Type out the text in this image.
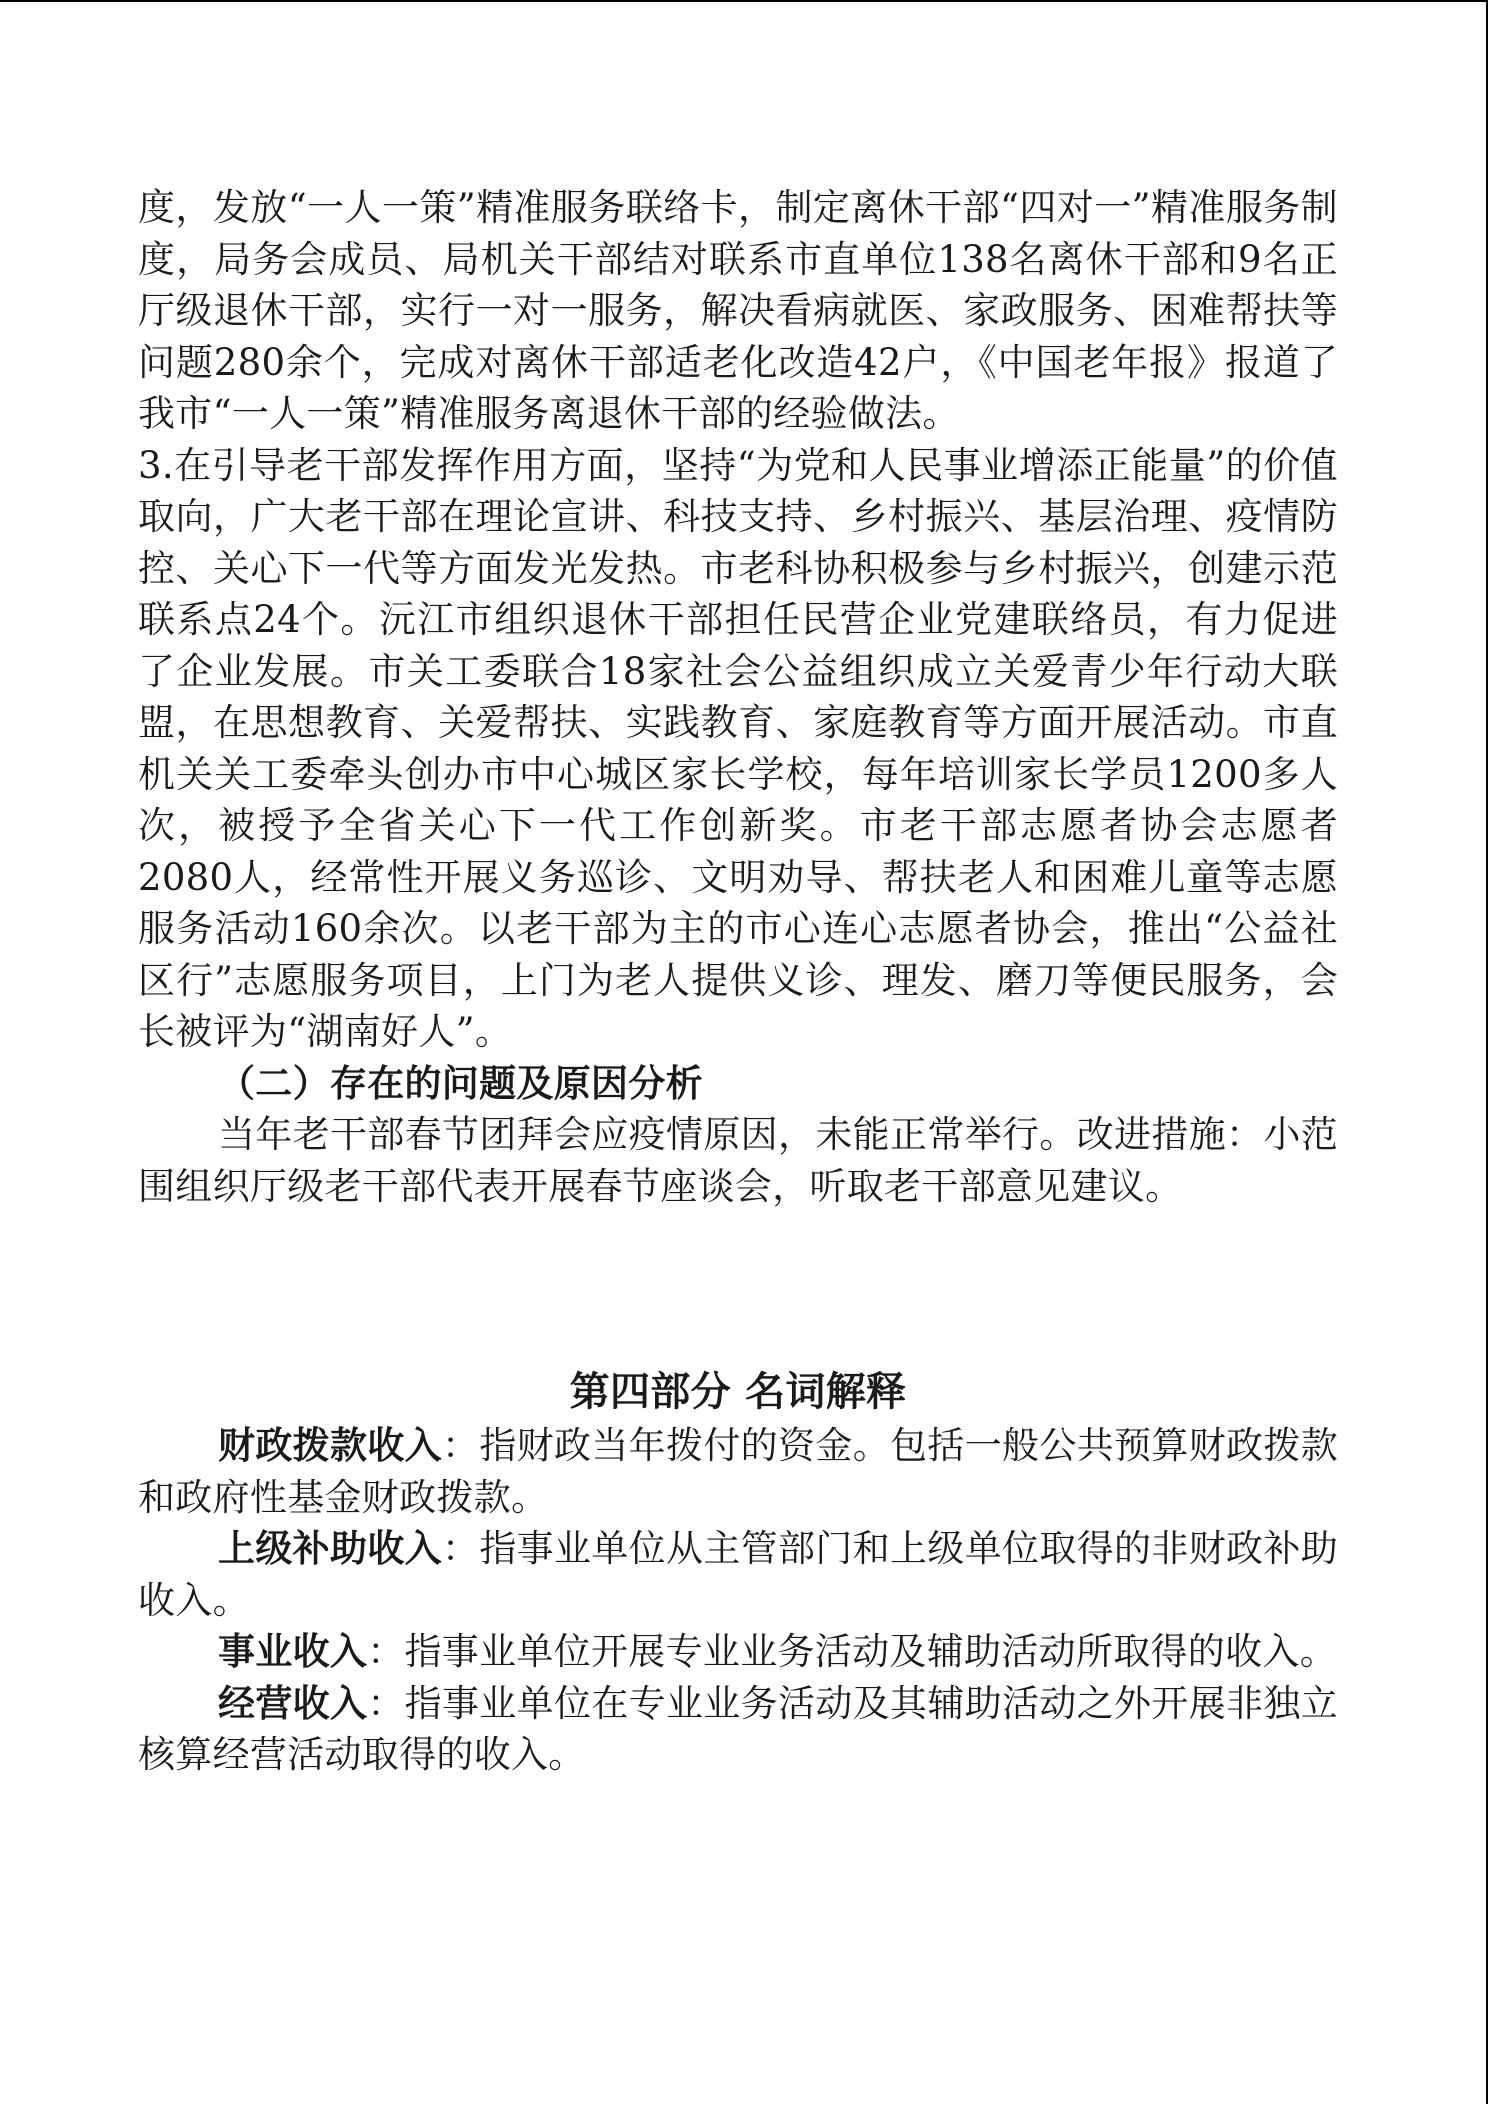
度，发放“一人一策”精准服务联络卡，制定离休干部“四对一”精准服务制度，局务会成员、局机关干部结对联系市直单位138名离休干部和9名正厅级退休干部，实行一对一服务，解决看病就医、家政服务、困难帮扶等问题280余个，完成对离休干部适老化改造42户，《中国老年报》报道了我市“一人一策”精准服务离退休干部的经验做法。

3.在引导老干部发挥作用方面，坚持“为党和人民事业增添正能量”的价值取向，广大老干部在理论宣讲、科技支持、乡村振兴、基层治理、疫情防控、关心下一代等方面发光发热。市老科协积极参与乡村振兴，创建示范联系点24个。沅江市组织退休干部担任民营企业党建联络员，有力促进了企业发展。市关工委联合18家社会公益组织成立关爱青少年行动大联盟，在思想教育、关爱帮扶、实践教育、家庭教育等方面开展活动。市直机关关工委牵头创办市中心城区家长学校，每年培训家长学员1200多人次，被授予全省关心下一代工作创新奖。市老干部志愿者协会志愿者2080人，经常性开展义务巡诊、文明劝导、帮扶老人和困难儿童等志愿服务活动160余次。以老干部为主的市心连心志愿者协会，推出“公益社区行”志愿服务项目，上门为老人提供义诊、理发、磨刀等便民服务，会长被评为“湖南好人”。

（二）存在的问题及原因分析

当年老干部春节团拜会应疫情原因，未能正常举行。改进措施：小范围组织厅级老干部代表开展春节座谈会，听取老干部意见建议。

第四部分 名词解释

财政拨款收入：指财政当年拨付的资金。包括一般公共预算财政拨款和政府性基金财政拨款。

上级补助收入：指事业单位从主管部门和上级单位取得的非财政补助收入。

事业收入：指事业单位开展专业业务活动及辅助活动所取得的收入。

经营收入：指事业单位在专业业务活动及其辅助活动之外开展非独立核算经营活动取得的收入。
